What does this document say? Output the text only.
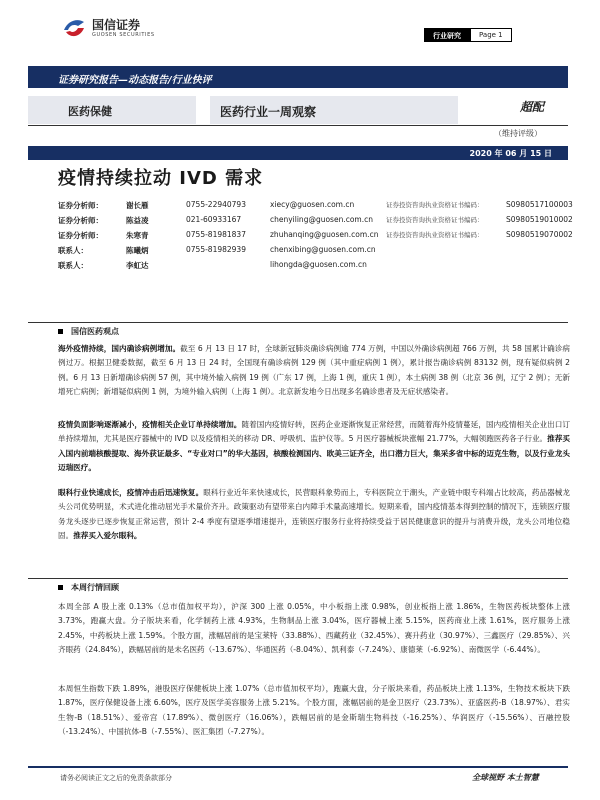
国信证券
GUOSEN SECURITIES	行业研究	Page 1
证券研究报告—动态报告/行业快评
医药保健	医药行业一周观察	超配
（维持评级）
2020 年 06 月 15 日
疫情持续拉动 IVD 需求
证券分析师：	谢长雁	0755-22940793	xiecy@guosen.com.cn	证券投资咨询执业资格证书编码：	S0980517100003
证券分析师：	陈益凌	021-60933167	chenyiling@guosen.com.cn 证券投资咨询执业资格证书编码：	S0980519010002
证券分析师：	朱寒青	0755-81981837	zhuhanqing@guosen.com.cn 证券投资咨询执业资格证书编码：	S0980519070002
联系人：	陈曦炳	0755-81982939	chenxibing@guosen.com.cn
联系人：	李虹达	lihongda@guosen.com.cn
国信医药观点
海外疫情持续，国内确诊病例增加。截至 6 月 13 日 17 时，全球新冠肺炎确诊病例逾 774 万例，中国以外确诊病例超 766 万例，共 58 国累计确诊病例过万。根据卫健委数据，截至 6 月 13 日 24 时，全国现有确诊病例 129 例（其中重症病例 1 例），累计报告确诊病例 83132 例，现有疑似病例 2 例。6 月 13 日新增确诊病例 57 例，其中境外输入病例 19 例（广东 17 例，上海 1 例，重庆 1 例），本土病例 38 例（北京 36 例，辽宁 2 例）；无新增死亡病例；新增疑似病例 1 例，为境外输入病例（上海 1 例）。北京新发地今日出现多名确诊患者及无症状感染者。
疫情负面影响逐渐减小，疫情相关企业订单持续增加。随着国内疫情好转，医药企业逐渐恢复正常经营，而随着海外疫情蔓延，国内疫情相关企业出口订单持续增加，尤其是医疗器械中的 IVD 以及疫情相关的移动 DR、呼吸机、监护仪等。5 月医疗器械板块涨幅 21.77%，大幅领跑医药各子行业。推荐买入国内前端核酸提取、海外获证最多、“专业对口”的华大基因，核酸检测国内、欧美三证齐全，出口潜力巨大，集采多省中标的迈克生物，以及行业龙头迈瑞医疗。
眼科行业快速成长，疫情冲击后迅速恢复。眼科行业近年来快速成长，民营眼科象势而上，专科医院立于潮头，产业链中眼专科端占比较高，药品器械龙头公司优势明显，术式进化推动屈光手术量价齐升。政策驱动有望带来白内障手术量高速增长。短期来看，国内疫情基本得到控制的情况下，连锁医疗服务龙头逐步已逐步恢复正常运营，预计 2-4 季度有望逐季增速提升，连锁医疗服务行业将持续受益于居民健康意识的提升与消费升级，龙头公司地位稳固。推荐买入爱尔眼科。
本周行情回顾
本周全部 A 股上涨 0.13%（总市值加权平均），沪深 300 上涨 0.05%，中小板指上涨 0.98%，创业板指上涨 1.86%，生物医药板块整体上涨 3.73%，跑赢大盘。分子版块来看，化学制药上涨 4.93%，生物制品上涨 3.04%，医疗器械上涨 5.15%，医药商业上涨 1.61%，医疗服务上涨 2.45%，中药板块上涨 1.59%。个股方面，涨幅居前的是宝莱特（33.88%）、西藏药业（32.45%）、赛升药业（30.97%）、三鑫医疗（29.85%）、兴齐眼药（24.84%），跌幅居前的是未名医药（-13.67%）、华通医药（-8.04%）、凯利泰（-7.24%）、康德莱（-6.92%）、南微医学（-6.44%）。
本周恒生指数下跌 1.89%，港股医疗保健板块上涨 1.07%（总市值加权平均），跑赢大盘，分子版块来看，药品板块上涨 1.13%，生物技术板块下跌 1.87%，医疗保健设备上涨 6.60%，医疗及医学美容服务上涨 5.21%。个股方面，涨幅居前的是金卫医疗（23.73%）、亚盛医药-B（18.97%）、君实生物-B（18.51%）、爱帝宫（17.89%）、微创医疗（16.06%），跌幅居前的是金斯瑞生物科技（-16.25%）、华润医疗（-15.56%）、百融控股（-13.24%）、中国抗体-B（-7.55%）、医汇集团（-7.27%）。
请务必阅读正文之后的免责条款部分	全球视野 本土智慧
